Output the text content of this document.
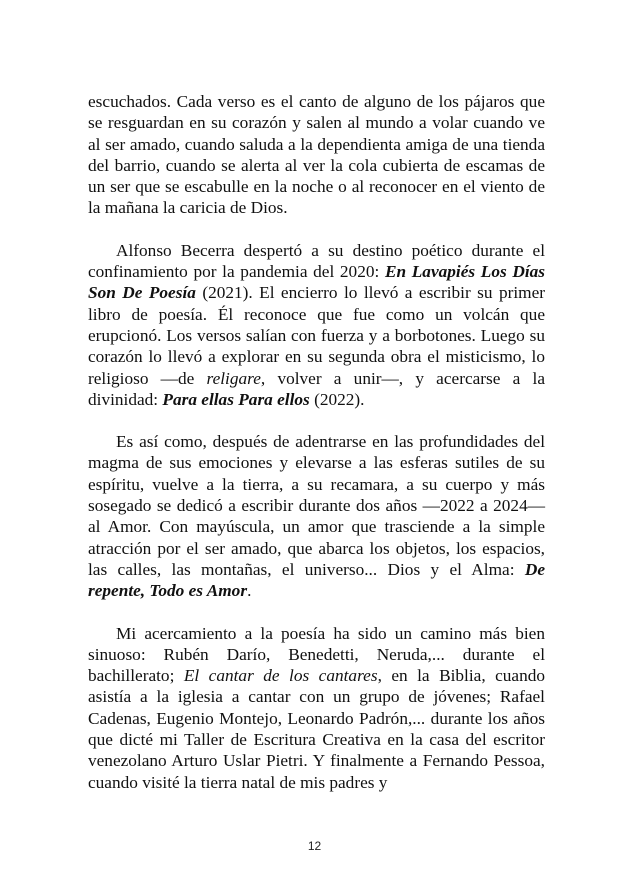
escuchados. Cada verso es el canto de alguno de los pájaros que se resguardan en su corazón y salen al mundo a volar cuando ve al ser amado, cuando saluda a la dependienta amiga de una tienda del barrio, cuando se alerta al ver la cola cubierta de escamas de un ser que se escabulle en la noche o al reconocer en el viento de la mañana la caricia de Dios.

Alfonso Becerra despertó a su destino poético durante el confinamiento por la pandemia del 2020: En Lavapiés Los Días Son De Poesía (2021). El encierro lo llevó a escribir su primer libro de poesía. Él reconoce que fue como un volcán que erupcionó. Los versos salían con fuerza y a borbotones. Luego su corazón lo llevó a explorar en su segunda obra el misticismo, lo religioso —de religare, volver a unir—, y acercarse a la divinidad: Para ellas Para ellos (2022).

Es así como, después de adentrarse en las profundidades del magma de sus emociones y elevarse a las esferas sutiles de su espíritu, vuelve a la tierra, a su recamara, a su cuerpo y más sosegado se dedicó a escribir durante dos años —2022 a 2024— al Amor. Con mayúscula, un amor que trasciende a la simple atracción por el ser amado, que abarca los objetos, los espacios, las calles, las montañas, el universo... Dios y el Alma: De repente, Todo es Amor.

Mi acercamiento a la poesía ha sido un camino más bien sinuoso: Rubén Darío, Benedetti, Neruda,... durante el bachillerato; El cantar de los cantares, en la Biblia, cuando asistía a la iglesia a cantar con un grupo de jóvenes; Rafael Cadenas, Eugenio Montejo, Leonardo Padrón,... durante los años que dicté mi Taller de Escritura Creativa en la casa del escritor venezolano Arturo Uslar Pietri. Y finalmente a Fernando Pessoa, cuando visité la tierra natal de mis padres y

12
